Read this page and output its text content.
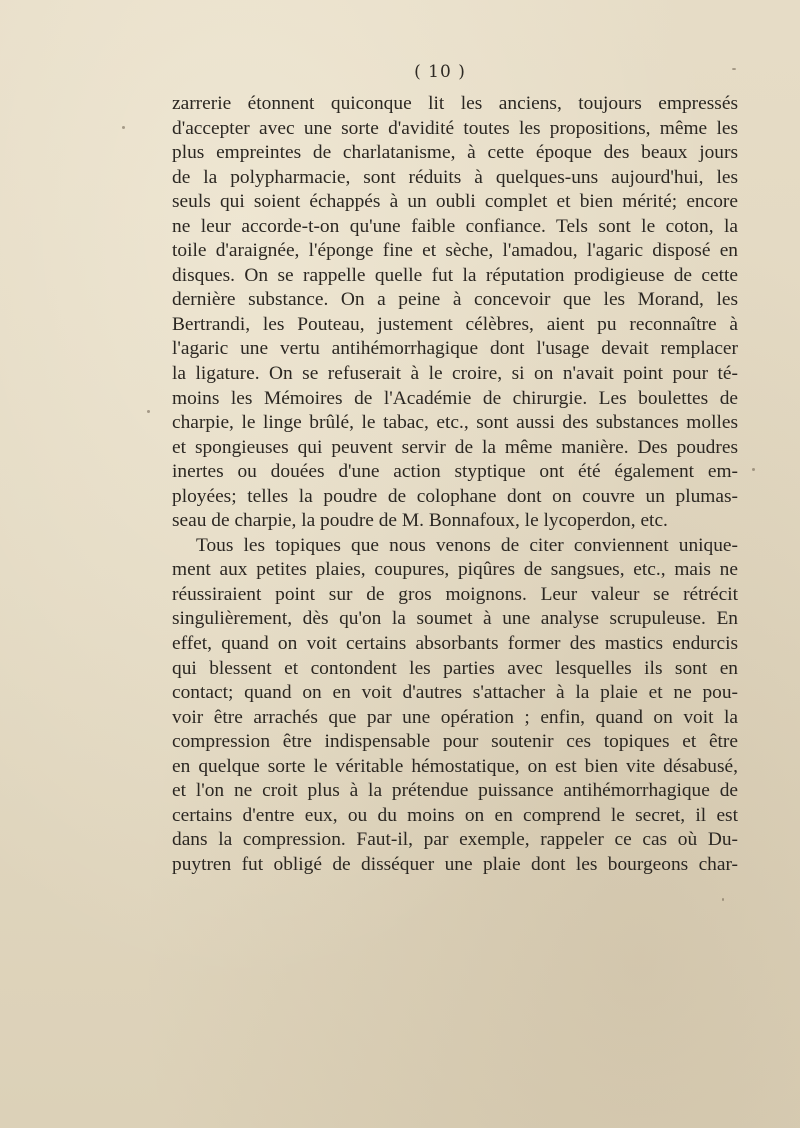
( 10 )

zarrerie étonnent quiconque lit les anciens, toujours empressés

d'accepter avec une sorte d'avidité toutes les propositions, même les

plus empreintes de charlatanisme, à cette époque des beaux jours

de la polypharmacie, sont réduits à quelques-uns aujourd'hui, les

seuls qui soient échappés à un oubli complet et bien mérité; encore

ne leur accorde-t-on qu'une faible confiance. Tels sont le coton, la

toile d'araignée, l'éponge fine et sèche, l'amadou, l'agaric disposé en

disques. On se rappelle quelle fut la réputation prodigieuse de cette

dernière substance. On a peine à concevoir que les Morand, les

Bertrandi, les Pouteau, justement célèbres, aient pu reconnaître à

l'agaric une vertu antihémorrhagique dont l'usage devait remplacer

la ligature. On se refuserait à le croire, si on n'avait point pour té-

moins les Mémoires de l'Académie de chirurgie. Les boulettes de

charpie, le linge brûlé, le tabac, etc., sont aussi des substances molles

et spongieuses qui peuvent servir de la même manière. Des poudres

inertes ou douées d'une action styptique ont été également em-

ployées; telles la poudre de colophane dont on couvre un plumas-

seau de charpie, la poudre de M. Bonnafoux, le lycoperdon, etc.

Tous les topiques que nous venons de citer conviennent unique-

ment aux petites plaies, coupures, piqûres de sangsues, etc., mais ne

réussiraient point sur de gros moignons. Leur valeur se rétrécit

singulièrement, dès qu'on la soumet à une analyse scrupuleuse. En

effet, quand on voit certains absorbants former des mastics endurcis

qui blessent et contondent les parties avec lesquelles ils sont en

contact; quand on en voit d'autres s'attacher à la plaie et ne pou-

voir être arrachés que par une opération ; enfin, quand on voit la

compression être indispensable pour soutenir ces topiques et être

en quelque sorte le véritable hémostatique, on est bien vite désabusé,

et l'on ne croit plus à la prétendue puissance antihémorrhagique de

certains d'entre eux, ou du moins on en comprend le secret, il est

dans la compression. Faut-il, par exemple, rappeler ce cas où Du-

puytren fut obligé de disséquer une plaie dont les bourgeons char-
